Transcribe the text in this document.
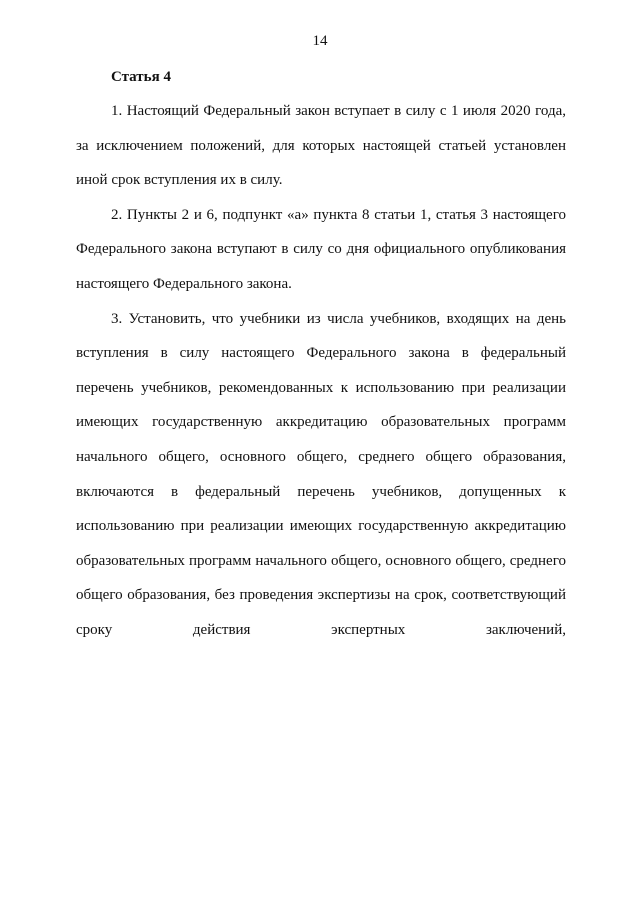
14
Статья 4

1. Настоящий Федеральный закон вступает в силу с 1 июля 2020 года, за исключением положений, для которых настоящей статьей установлен иной срок вступления их в силу.

2. Пункты 2 и 6, подпункт «а» пункта 8 статьи 1, статья 3 настоящего Федерального закона вступают в силу со дня официального опубликования настоящего Федерального закона.

3. Установить, что учебники из числа учебников, входящих на день вступления в силу настоящего Федерального закона в федеральный перечень учебников, рекомендованных к использованию при реализации имеющих государственную аккредитацию образовательных программ начального общего, основного общего, среднего общего образования, включаются в федеральный перечень учебников, допущенных к использованию при реализации имеющих государственную аккредитацию образовательных программ начального общего, основного общего, среднего общего образования, без проведения экспертизы на срок, соответствующий сроку действия экспертных заключений,
